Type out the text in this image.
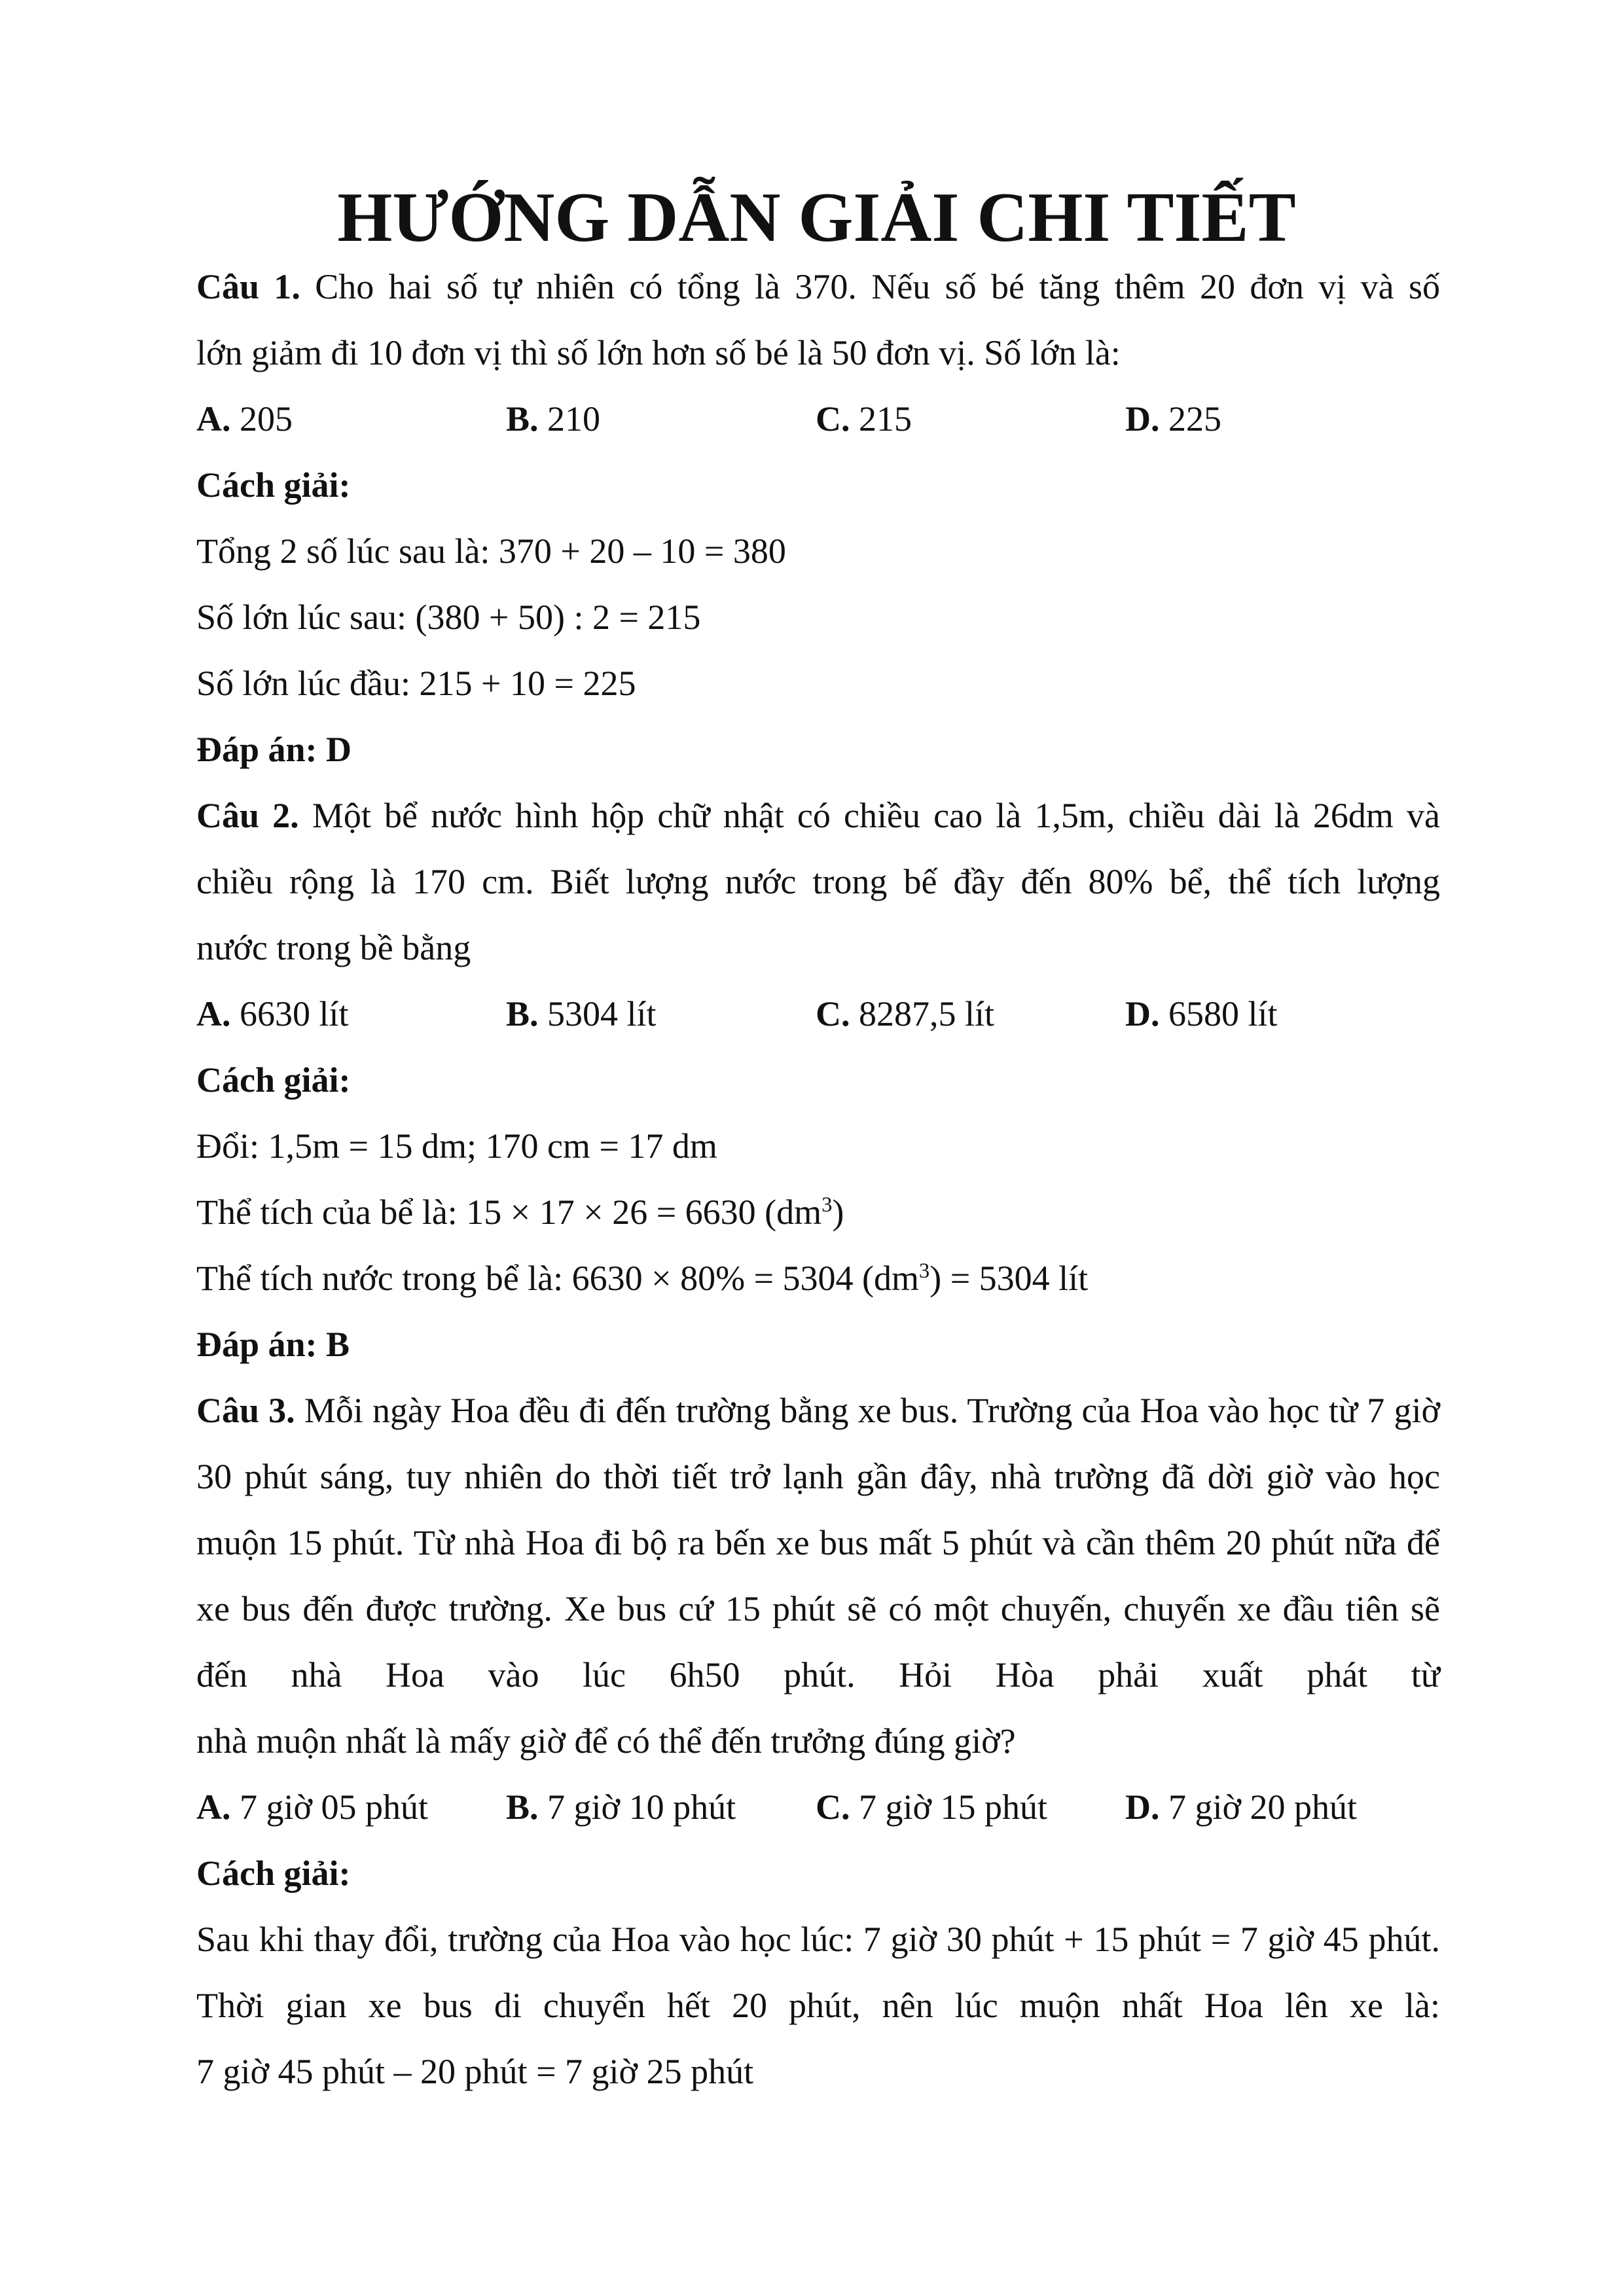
HƯỚNG DẪN GIẢI CHI TIẾT
Câu 1. Cho hai số tự nhiên có tổng là 370. Nếu số bé tăng thêm 20 đơn vị và số
lớn giảm đi 10 đơn vị thì số lớn hơn số bé là 50 đơn vị. Số lớn là:
A. 205	B. 210	C. 215	D. 225
Cách giải:
Tổng 2 số lúc sau là: 370 + 20 – 10 = 380
Số lớn lúc sau: (380 + 50) : 2 = 215
Số lớn lúc đầu: 215 + 10 = 225
Đáp án: D
Câu 2. Một bể nước hình hộp chữ nhật có chiều cao là 1,5m, chiều dài là 26dm và chiều rộng là 170 cm. Biết lượng nước trong bế đầy đến 80% bể, thể tích lượng
nước trong bề bằng
A. 6630 lít	B. 5304 lít	C. 8287,5 lít	D. 6580 lít
Cách giải:
Đổi: 1,5m = 15 dm; 170 cm = 17 dm
Thể tích của bể là: 15 × 17 × 26 = 6630 $(dm^3)$
Thể tích nước trong bể là: 6630 × 80% = 5304 $(dm^3) = 5304$ lít
Đáp án: B
Câu 3. Mỗi ngày Hoa đều đi đến trường bằng xe bus. Trường của Hoa vào học từ 7 giờ 30 phút sáng, tuy nhiên do thời tiết trở lạnh gần đây, nhà trường đã dời giờ vào học muộn 15 phút. Từ nhà Hoa đi bộ ra bến xe bus mất 5 phút và cần thêm 20 phút nữa để xe bus đến được trường. Xe bus cứ 15 phút sẽ có một chuyến, chuyến xe đầu tiên sẽ đến nhà Hoa vào lúc 6h50 phút. Hỏi Hòa phải xuất phát từ
nhà muộn nhất là mấy giờ để có thể đến trưởng đúng giờ?
A. 7 giờ 05 phút	B. 7 giờ 10 phút	C. 7 giờ 15 phút	D. 7 giờ 20 phút
Cách giải:
Sau khi thay đổi, trường của Hoa vào học lúc: 7 giờ 30 phút + 15 phút = 7 giờ 45 phút. Thời gian xe bus di chuyển hết 20 phút, nên lúc muộn nhất Hoa lên xe là:
7 giờ 45 phút – 20 phút = 7 giờ 25 phút
